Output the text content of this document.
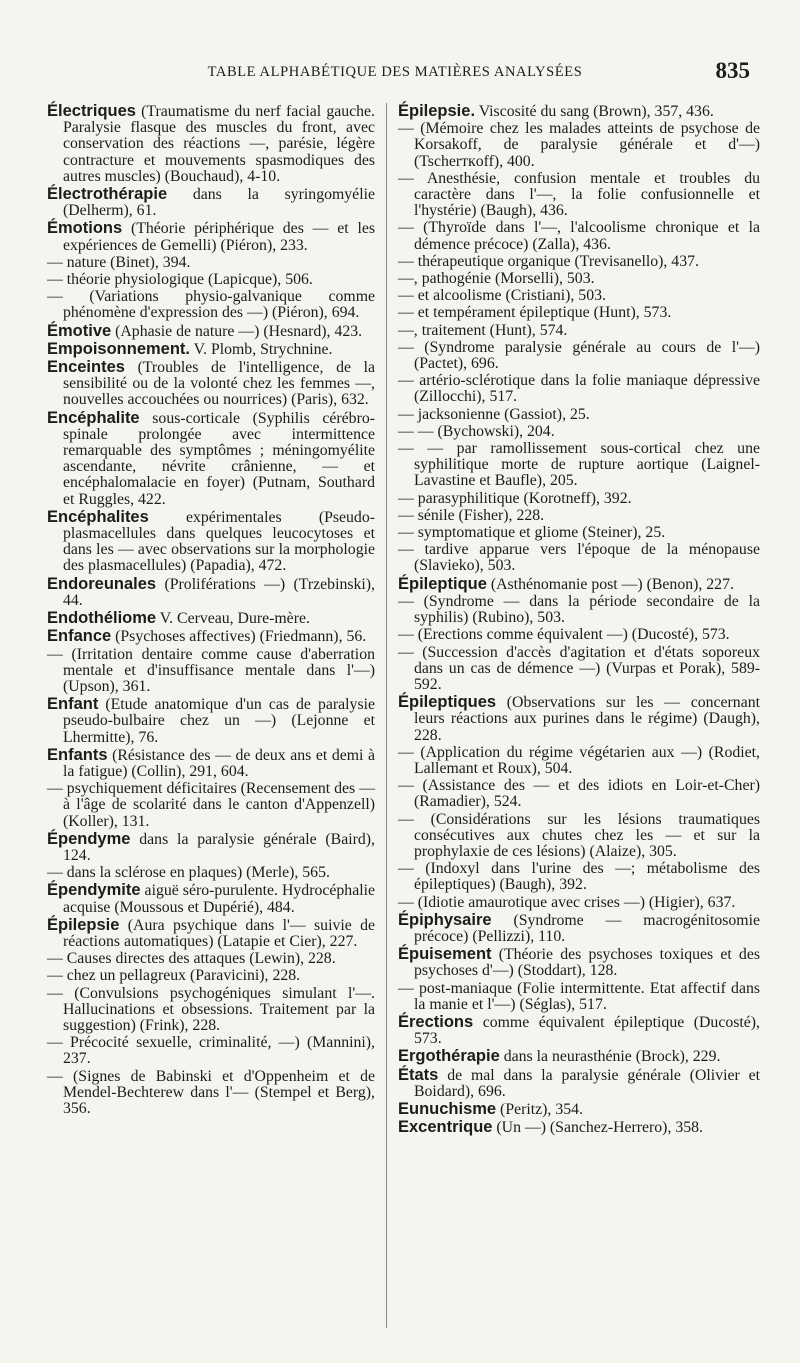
TABLE ALPHABÉTIQUE DES MATIÈRES ANALYSÉES	835
Électriques (Traumatisme du nerf facial gauche. Paralysie flasque des muscles du front, avec conservation des réactions —, parésie, légère contracture et mouvements spasmodiques des autres muscles) (Bouchaud), 4-10.
Électrothérapie dans la syringomyélie (Delherm), 61.
Émotions (Théorie périphérique des — et les expériences de Gemelli) (Piéron), 233.
— nature (Binet), 394.
— théorie physiologique (Lapicque), 506.
— (Variations physio-galvanique comme phénomène d'expression des —) (Piéron), 694.
Émotive (Aphasie de nature —) (Hesnard), 423.
Empoisonnement. V. Plomb, Strychnine.
Enceintes (Troubles de l'intelligence, de la sensibilité ou de la volonté chez les femmes —, nouvelles accouchées ou nourrices) (Paris), 632.
Encéphalite sous-corticale (Syphilis cérébro-spinale prolongée avec intermittence remarquable des symptômes ; méningomyélite ascendante, névrite crânienne, — et encéphalomalacie en foyer) (Putnam, Southard et Ruggles, 422.
Encéphalites expérimentales (Pseudo-plasmacellules dans quelques leucocytoses et dans les — avec observations sur la morphologie des plasmacellules) (Papadia), 472.
Endoreunales (Proliférations —) (Trzebinski), 44.
Endothéliome V. Cerveau, Dure-mère.
Enfance (Psychoses affectives) (Friedmann), 56.
— (Irritation dentaire comme cause d'aberration mentale et d'insuffisance mentale dans l'—) (Upson), 361.
Enfant (Etude anatomique d'un cas de paralysie pseudo-bulbaire chez un —) (Lejonne et Lhermitte), 76.
Enfants (Résistance des — de deux ans et demi à la fatigue) (Collin), 291, 604.
— psychiquement déficitaires (Recensement des — à l'âge de scolarité dans le canton d'Appenzell) (Koller), 131.
Épendyme dans la paralysie générale (Baird), 124.
— dans la sclérose en plaques) (Merle), 565.
Épendymite aiguë séro-purulente. Hydrocéphalie acquise (Moussous et Dupérié), 484.
Épilepsie (Aura psychique dans l'— suivie de réactions automatiques) (Latapie et Cier), 227.
— Causes directes des attaques (Lewin), 228.
— chez un pellagreux (Paravicini), 228.
— (Convulsions psychogéniques simulant l'—. Hallucinations et obsessions. Traitement par la suggestion) (Frink), 228.
— Précocité sexuelle, criminalité, —) (Mannini), 237.
— (Signes de Babinski et d'Oppenheim et de Mendel-Bechterew dans l'— (Stempel et Berg), 356.
Épilepsie. Viscosité du sang (Brown), 357, 436.
— (Mémoire chez les malades atteints de psychose de Korsakoff, de paralysie générale et d'—) (Tscherткoff), 400.
— Anesthésie, confusion mentale et troubles du caractère dans l'—, la folie confusionnelle et l'hystérie) (Baugh), 436.
— (Thyroïde dans l'—, l'alcoolisme chronique et la démence précoce) (Zalla), 436.
— thérapeutique organique (Trevisanello), 437.
—, pathogénie (Morselli), 503.
— et alcoolisme (Cristiani), 503.
— et tempérament épileptique (Hunt), 573.
—, traitement (Hunt), 574.
— (Syndrome paralysie générale au cours de l'—) (Pactet), 696.
— artério-sclérotique dans la folie maniaque dépressive (Zillocchi), 517.
— jacksonienne (Gassiot), 25.
— — (Bychowski), 204.
— — par ramollissement sous-cortical chez une syphilitique morte de rupture aortique (Laignel-Lavastine et Baufle), 205.
— parasyphilitique (Korotneff), 392.
— sénile (Fisher), 228.
— symptomatique et gliome (Steiner), 25.
— tardive apparue vers l'époque de la ménopause (Slavieko), 503.
Épileptique (Asthénomanie post —) (Benon), 227.
— (Syndrome — dans la période secondaire de la syphilis) (Rubino), 503.
— (Erections comme équivalent —) (Ducosté), 573.
— (Succession d'accès d'agitation et d'états soporeux dans un cas de démence —) (Vurpas et Porak), 589-592.
Épileptiques (Observations sur les — concernant leurs réactions aux purines dans le régime) (Daugh), 228.
— (Application du régime végétarien aux —) (Rodiet, Lallemant et Roux), 504.
— (Assistance des — et des idiots en Loir-et-Cher) (Ramadier), 524.
— (Considérations sur les lésions traumatiques consécutives aux chutes chez les — et sur la prophylaxie de ces lésions) (Alaize), 305.
— (Indoxyl dans l'urine des —; métabolisme des épileptiques) (Baugh), 392.
— (Idiotie amaurotique avec crises —) (Higier), 637.
Épiphysaire (Syndrome — macrogénitosomie précoce) (Pellizzi), 110.
Épuisement (Théorie des psychoses toxiques et des psychoses d'—) (Stoddart), 128.
— post-maniaque (Folie intermittente. Etat affectif dans la manie et l'—) (Séglas), 517.
Érections comme équivalent épileptique (Ducosté), 573.
Ergothérapie dans la neurasthénie (Brock), 229.
États de mal dans la paralysie générale (Olivier et Boidard), 696.
Eunuchisme (Peritz), 354.
Excentrique (Un —) (Sanchez-Herrero), 358.
